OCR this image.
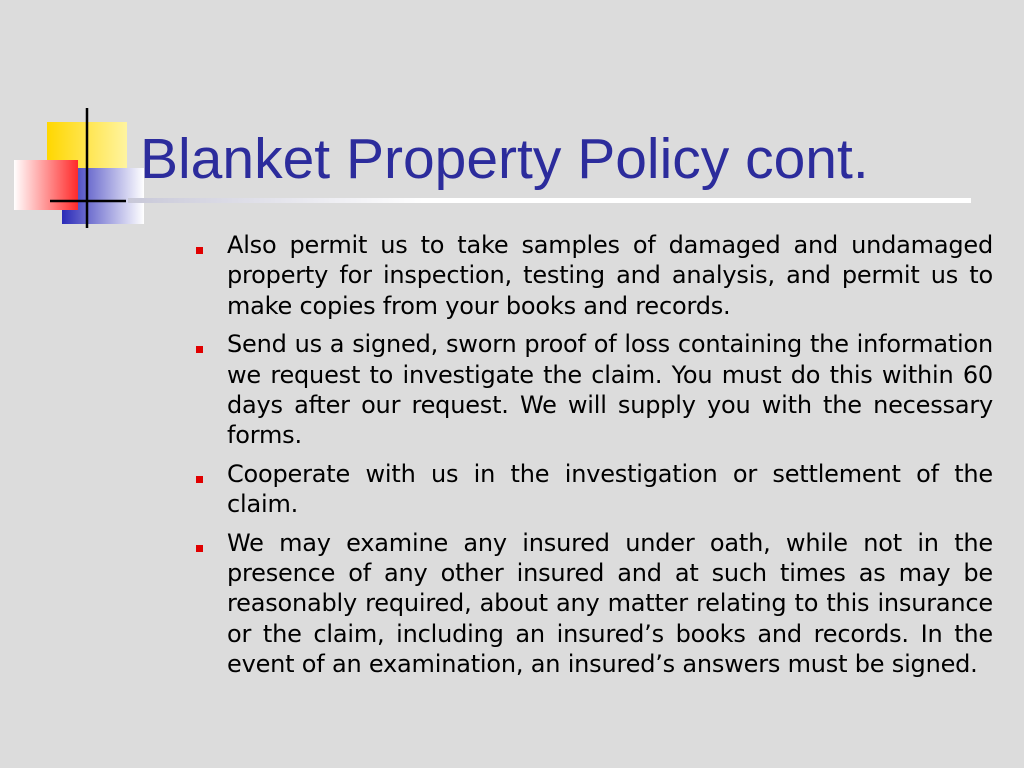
Blanket Property Policy cont.
Also permit us to take samples of damaged and undamaged property for inspection, testing and analysis, and permit us to make copies from your books and records.
Send us a signed, sworn proof of loss containing the information we request to investigate the claim. You must do this within 60 days after our request. We will supply you with the necessary forms.
Cooperate with us in the investigation or settlement of the claim.
We may examine any insured under oath, while not in the presence of any other insured and at such times as may be reasonably required, about any matter relating to this insurance or the claim, including an insured’s books and records. In the event of an examination, an insured’s answers must be signed.
